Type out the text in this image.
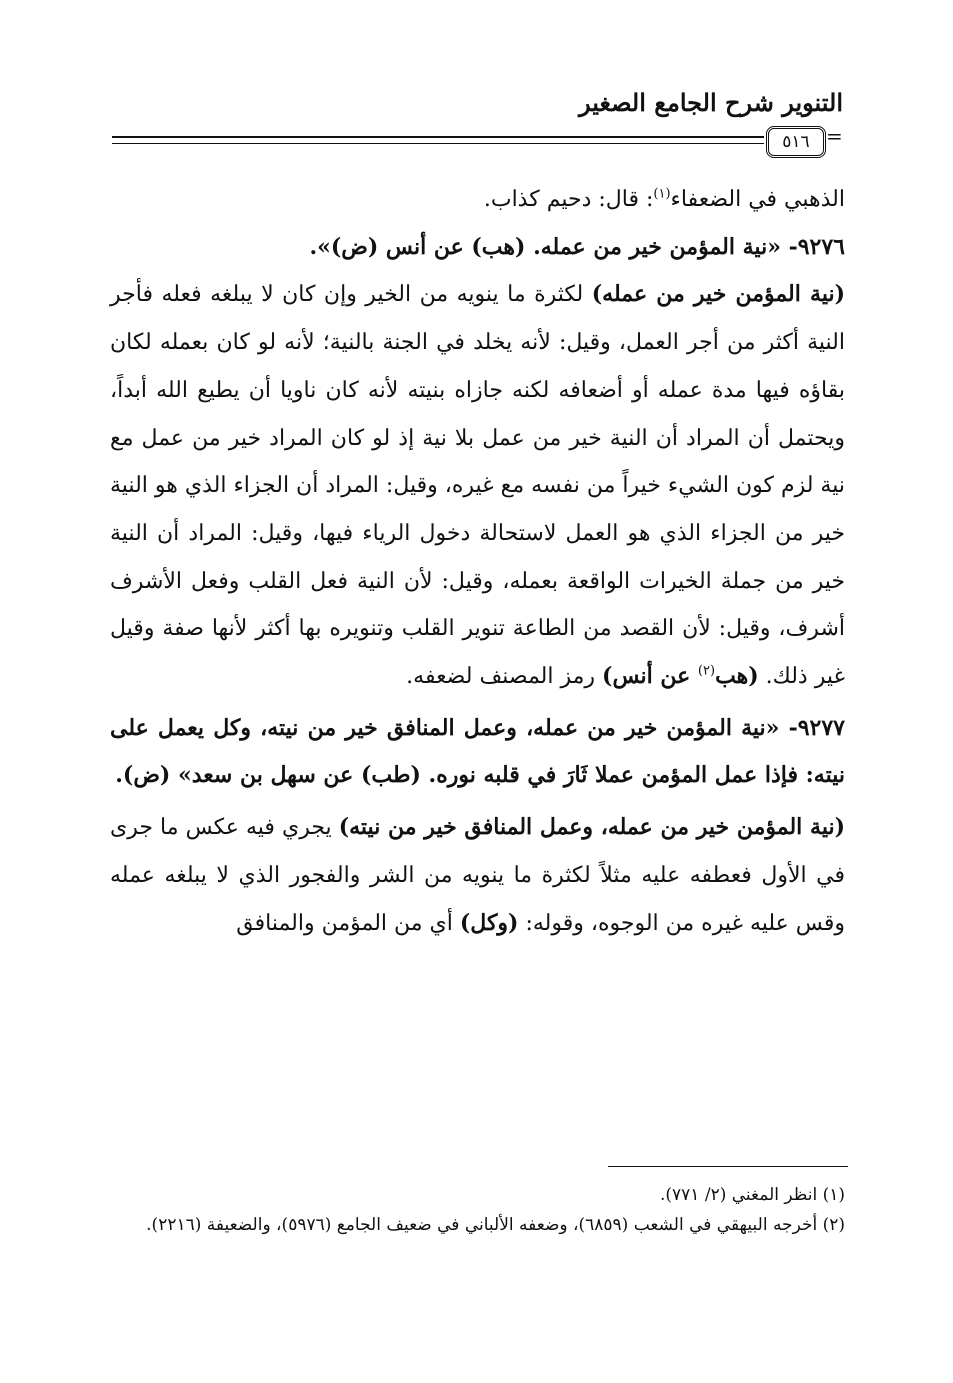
التنوير شرح الجامع الصغير
=
٥١٦

الذهبي في الضعفاء$^{(١)}$: قال: دحيم كذاب.

٩٢٧٦- «نية المؤمن خير من عمله. (هب) عن أنس (ض)».

(نية المؤمن خير من عمله) لكثرة ما ينويه من الخير وإن كان لا يبلغه فعله فأجر النية أكثر من أجر العمل، وقيل: لأنه يخلد في الجنة بالنية؛ لأنه لو كان بعمله لكان بقاؤه فيها مدة عمله أو أضعافه لكنه جازاه بنيته لأنه كان ناويا أن يطيع الله أبداً، ويحتمل أن المراد أن النية خير من عمل بلا نية إذ لو كان المراد خير من عمل مع نية لزم كون الشيء خيراً من نفسه مع غيره، وقيل: المراد أن الجزاء الذي هو النية خير من الجزاء الذي هو العمل لاستحالة دخول الرياء فيها، وقيل: المراد أن النية خير من جملة الخيرات الواقعة بعمله، وقيل: لأن النية فعل القلب وفعل الأشرف أشرف، وقيل: لأن القصد من الطاعة تنوير القلب وتنويره بها أكثر لأنها صفة وقيل غير ذلك. (هب$^{(٢)}$ عن أنس) رمز المصنف لضعفه.

٩٢٧٧- «نية المؤمن خير من عمله، وعمل المنافق خير من نيته، وكل يعمل على نيته: فإذا عمل المؤمن عملا ثَارَ في قلبه نوره. (طب) عن سهل بن سعد» (ض).

(نية المؤمن خير من عمله، وعمل المنافق خير من نيته) يجري فيه عكس ما جرى في الأول فعطفه عليه مثلاً لكثرة ما ينويه من الشر والفجور الذي لا يبلغه عمله وقس عليه غيره من الوجوه، وقوله: (وكل) أي من المؤمن والمنافق

(١) انظر المغني (٢/ ٧٧١).

(٢) أخرجه البيهقي في الشعب (٦٨٥٩)، وضعفه الألباني في ضعيف الجامع (٥٩٧٦)، والضعيفة (٢٢١٦).
